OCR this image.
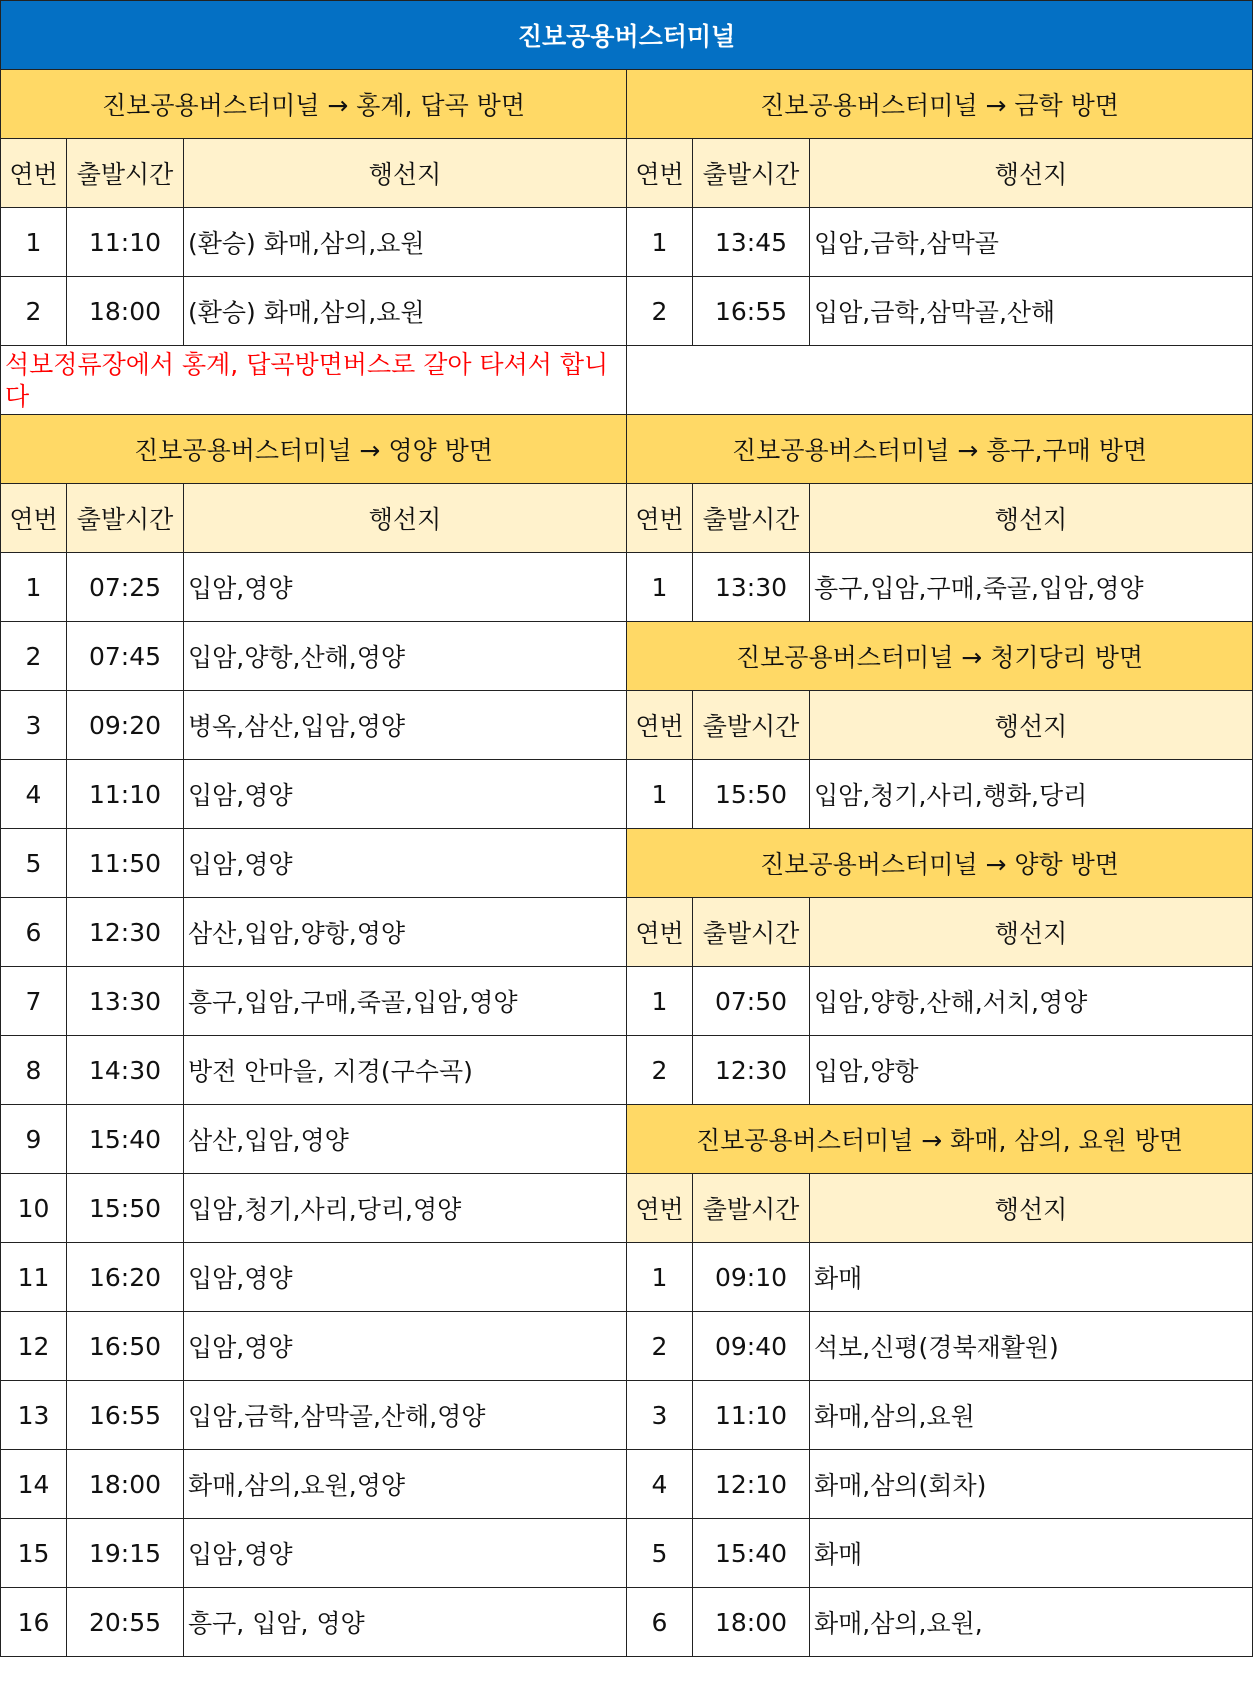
진보공용버스터미널					
진보공용버스터미널 → 홍계, 답곡 방면			진보공용버스터미널 → 금학 방면		
연번	출발시간	행선지	연번	출발시간	행선지
1	11:10	(환승) 화매,삼의,요원	1	13:45	입암,금학,삼막골
2	18:00	(환승) 화매,삼의,요원	2	16:55	입암,금학,삼막골,산해
석보정류장에서 홍계, 답곡방면버스로 갈아 타셔서 합니다					
진보공용버스터미널 → 영양 방면			진보공용버스터미널 → 흥구,구매 방면		
연번	출발시간	행선지	연번	출발시간	행선지
1	07:25	입암,영양	1	13:30	흥구,입암,구매,죽골,입암,영양
2	07:45	입암,양항,산해,영양	진보공용버스터미널 → 청기당리 방면		
3	09:20	병옥,삼산,입암,영양	연번	출발시간	행선지
4	11:10	입암,영양	1	15:50	입암,청기,사리,행화,당리
5	11:50	입암,영양	진보공용버스터미널 → 양항 방면		
6	12:30	삼산,입암,양항,영양	연번	출발시간	행선지
7	13:30	흥구,입암,구매,죽골,입암,영양	1	07:50	입암,양항,산해,서치,영양
8	14:30	방전 안마을, 지경(구수곡)	2	12:30	입암,양항
9	15:40	삼산,입암,영양	진보공용버스터미널 → 화매, 삼의, 요원 방면		
10	15:50	입암,청기,사리,당리,영양	연번	출발시간	행선지
11	16:20	입암,영양	1	09:10	화매
12	16:50	입암,영양	2	09:40	석보,신평(경북재활원)
13	16:55	입암,금학,삼막골,산해,영양	3	11:10	화매,삼의,요원
14	18:00	화매,삼의,요원,영양	4	12:10	화매,삼의(회차)
15	19:15	입암,영양	5	15:40	화매
16	20:55	흥구, 입암, 영양	6	18:00	화매,삼의,요원,
